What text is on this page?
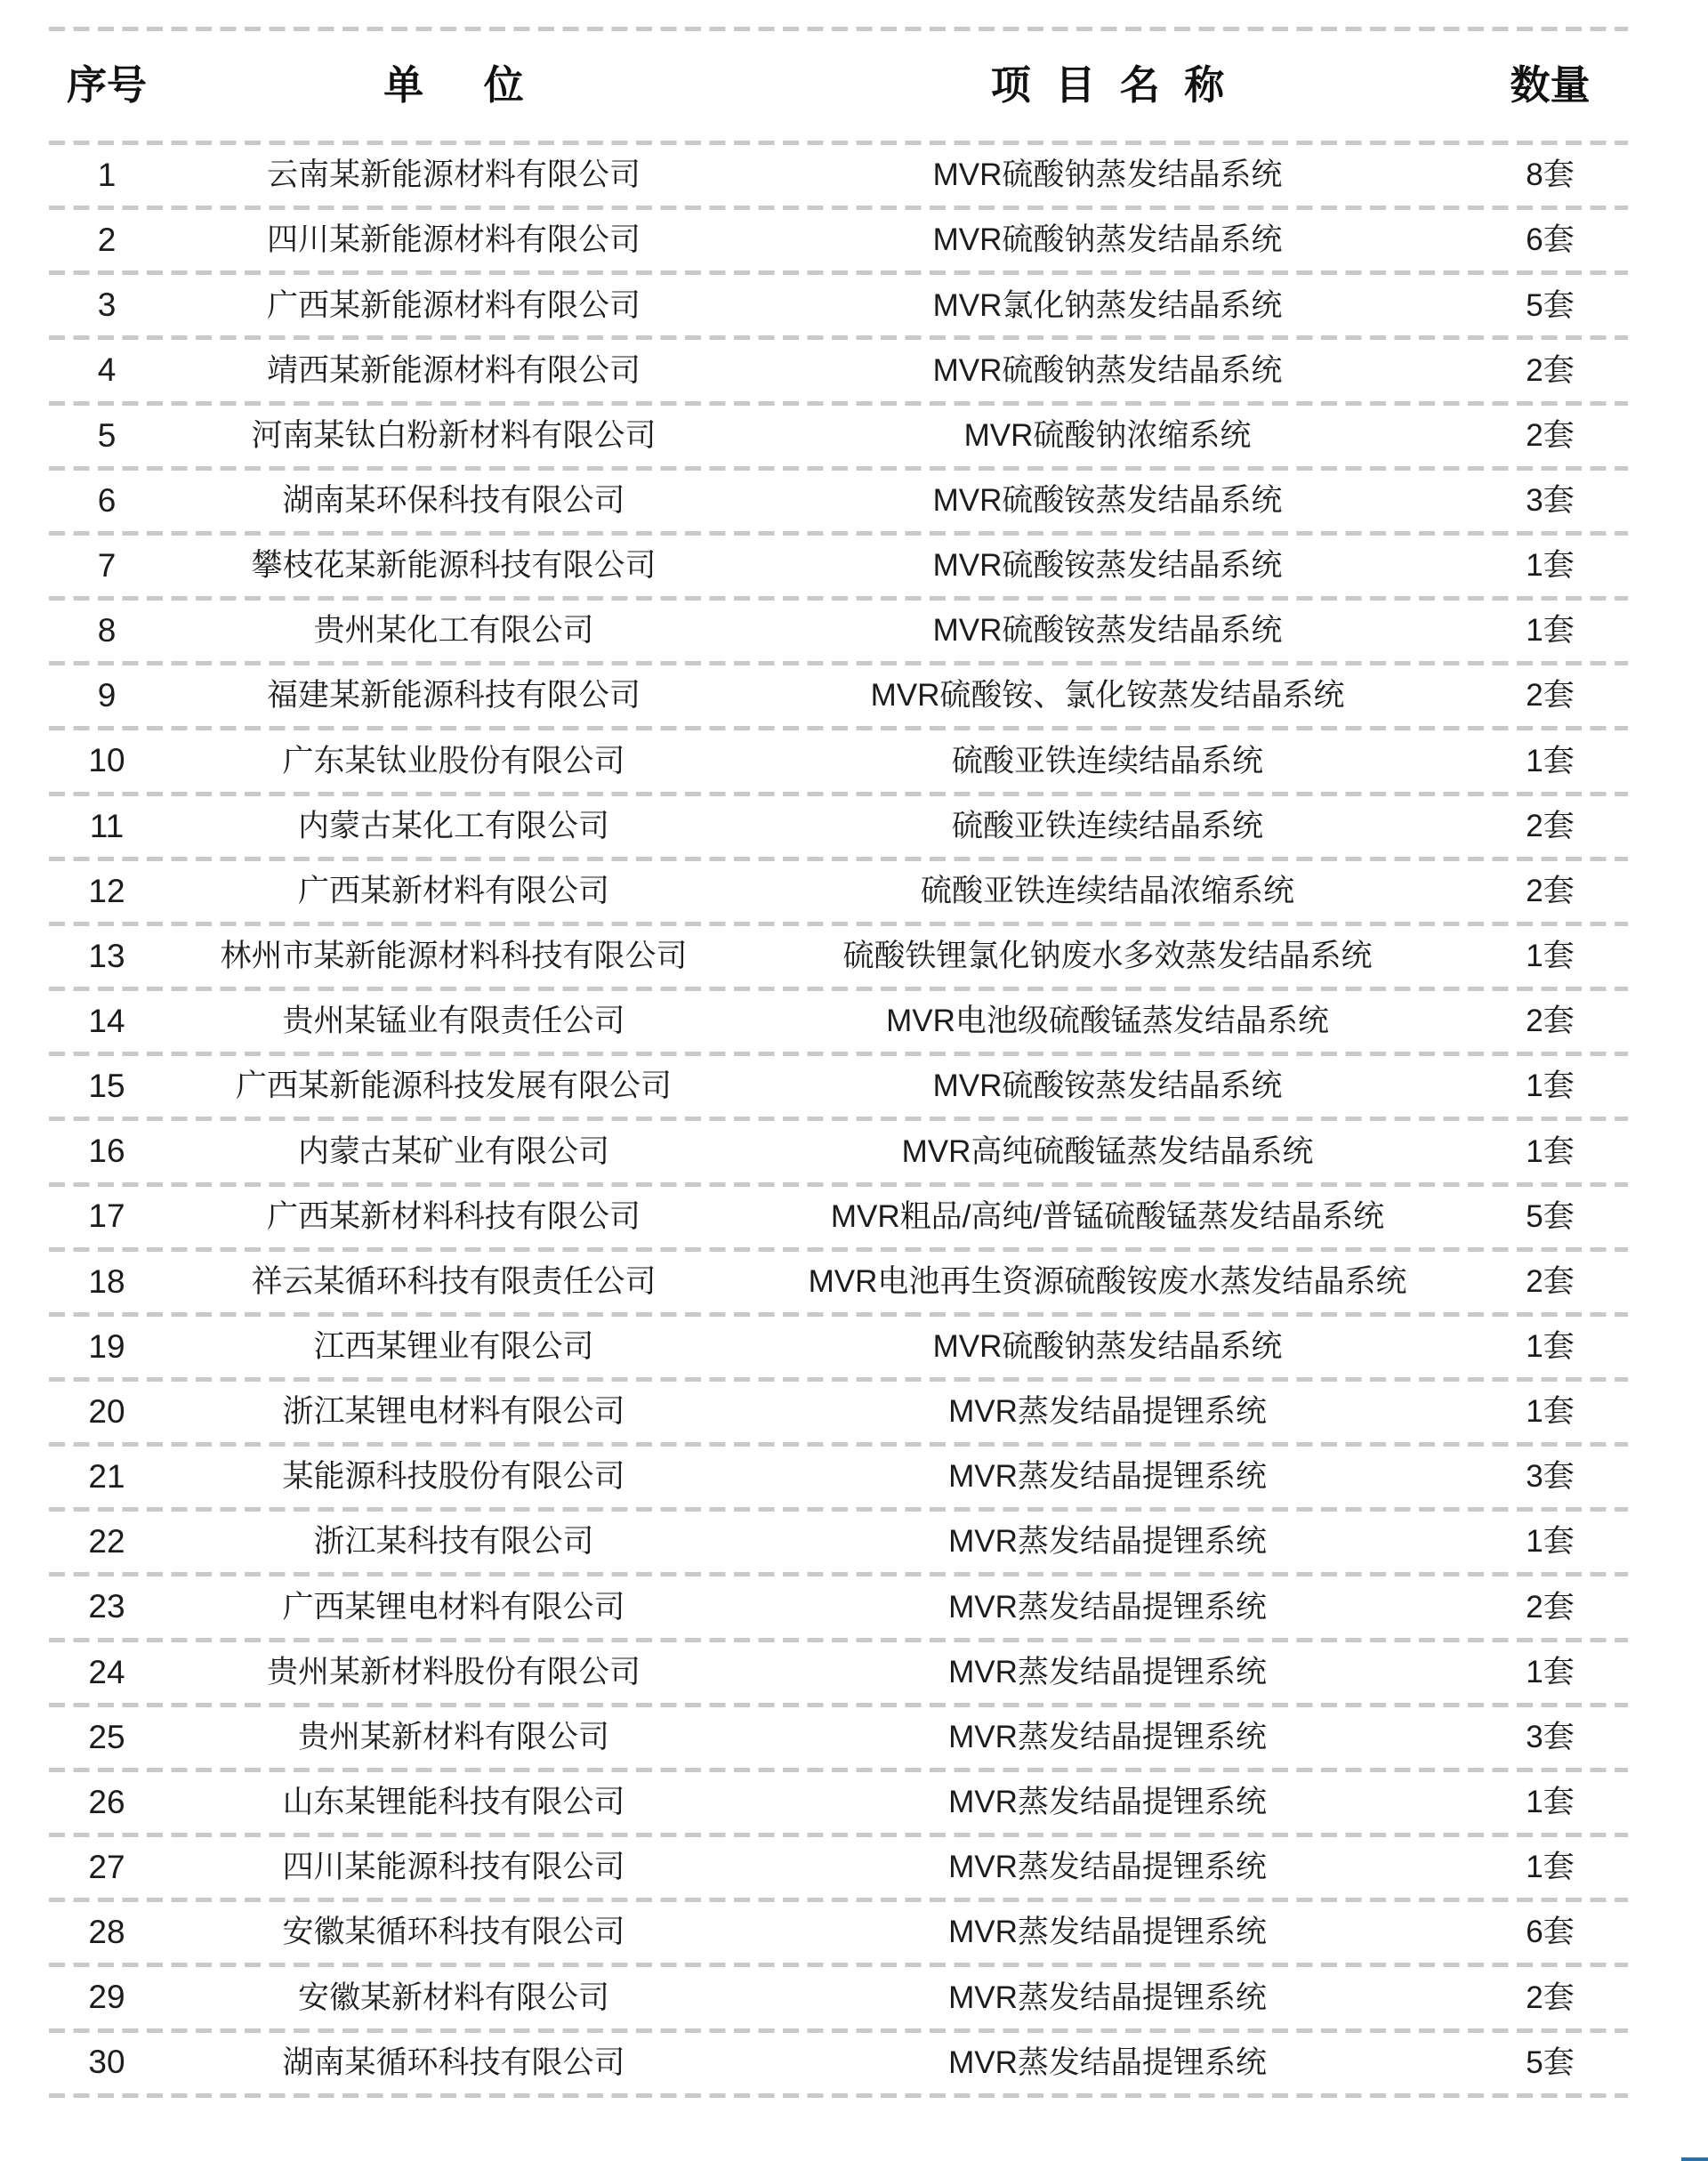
序号	单 位	项 目 名 称	数量
1	云南某新能源材料有限公司	MVR硫酸钠蒸发结晶系统	8套
2	四川某新能源材料有限公司	MVR硫酸钠蒸发结晶系统	6套
3	广西某新能源材料有限公司	MVR氯化钠蒸发结晶系统	5套
4	靖西某新能源材料有限公司	MVR硫酸钠蒸发结晶系统	2套
5	河南某钛白粉新材料有限公司	MVR硫酸钠浓缩系统	2套
6	湖南某环保科技有限公司	MVR硫酸铵蒸发结晶系统	3套
7	攀枝花某新能源科技有限公司	MVR硫酸铵蒸发结晶系统	1套
8	贵州某化工有限公司	MVR硫酸铵蒸发结晶系统	1套
9	福建某新能源科技有限公司	MVR硫酸铵、氯化铵蒸发结晶系统	2套
10	广东某钛业股份有限公司	硫酸亚铁连续结晶系统	1套
11	内蒙古某化工有限公司	硫酸亚铁连续结晶系统	2套
12	广西某新材料有限公司	硫酸亚铁连续结晶浓缩系统	2套
13	林州市某新能源材料科技有限公司	硫酸铁锂氯化钠废水多效蒸发结晶系统	1套
14	贵州某锰业有限责任公司	MVR电池级硫酸锰蒸发结晶系统	2套
15	广西某新能源科技发展有限公司	MVR硫酸铵蒸发结晶系统	1套
16	内蒙古某矿业有限公司	MVR高纯硫酸锰蒸发结晶系统	1套
17	广西某新材料科技有限公司	MVR粗品/高纯/普锰硫酸锰蒸发结晶系统	5套
18	祥云某循环科技有限责任公司	MVR电池再生资源硫酸铵废水蒸发结晶系统	2套
19	江西某锂业有限公司	MVR硫酸钠蒸发结晶系统	1套
20	浙江某锂电材料有限公司	MVR蒸发结晶提锂系统	1套
21	某能源科技股份有限公司	MVR蒸发结晶提锂系统	3套
22	浙江某科技有限公司	MVR蒸发结晶提锂系统	1套
23	广西某锂电材料有限公司	MVR蒸发结晶提锂系统	2套
24	贵州某新材料股份有限公司	MVR蒸发结晶提锂系统	1套
25	贵州某新材料有限公司	MVR蒸发结晶提锂系统	3套
26	山东某锂能科技有限公司	MVR蒸发结晶提锂系统	1套
27	四川某能源科技有限公司	MVR蒸发结晶提锂系统	1套
28	安徽某循环科技有限公司	MVR蒸发结晶提锂系统	6套
29	安徽某新材料有限公司	MVR蒸发结晶提锂系统	2套
30	湖南某循环科技有限公司	MVR蒸发结晶提锂系统	5套
